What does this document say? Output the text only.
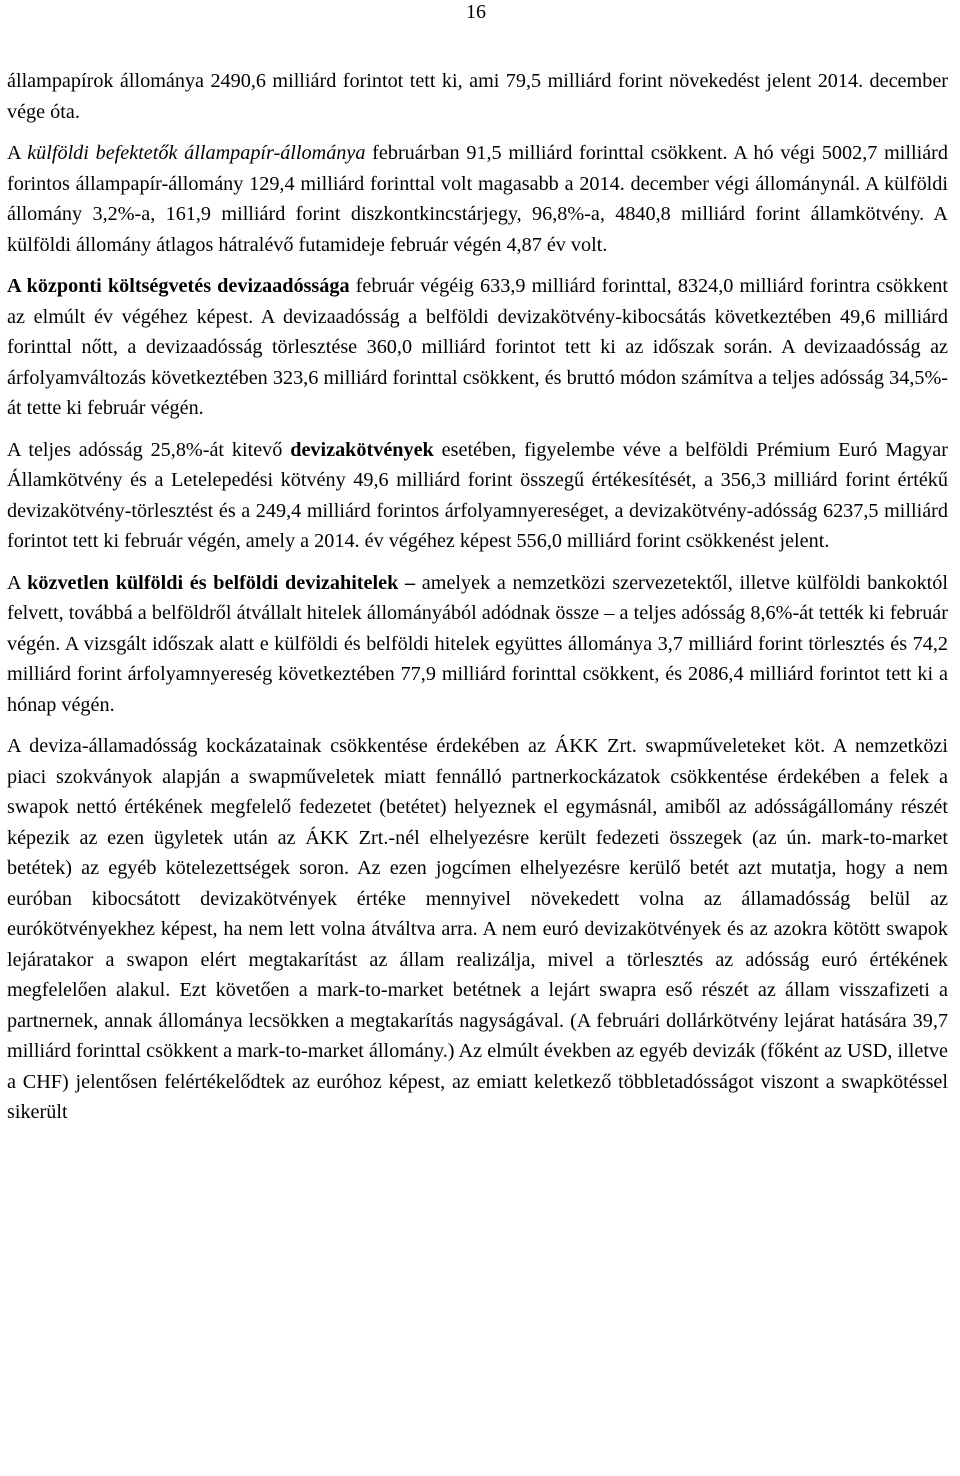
16

állampapírok állománya 2490,6 milliárd forintot tett ki, ami 79,5 milliárd forint növekedést jelent 2014. december vége óta.

A külföldi befektetők állampapír-állománya februárban 91,5 milliárd forinttal csökkent. A hó végi 5002,7 milliárd forintos állampapír-állomány 129,4 milliárd forinttal volt magasabb a 2014. december végi állománynál. A külföldi állomány 3,2%-a, 161,9 milliárd forint diszkontkincstárjegy, 96,8%-a, 4840,8 milliárd forint államkötvény. A külföldi állomány átlagos hátralévő futamideje február végén 4,87 év volt.

A központi költségvetés devizaadóssága február végéig 633,9 milliárd forinttal, 8324,0 milliárd forintra csökkent az elmúlt év végéhez képest. A devizaadósság a belföldi devizakötvény-kibocsátás következtében 49,6 milliárd forinttal nőtt, a devizaadósság törlesztése 360,0 milliárd forintot tett ki az időszak során. A devizaadósság az árfolyamváltozás következtében 323,6 milliárd forinttal csökkent, és bruttó módon számítva a teljes adósság 34,5%-át tette ki február végén.

A teljes adósság 25,8%-át kitevő devizakötvények esetében, figyelembe véve a belföldi Prémium Euró Magyar Államkötvény és a Letelepedési kötvény 49,6 milliárd forint összegű értékesítését, a 356,3 milliárd forint értékű devizakötvény-törlesztést és a 249,4 milliárd forintos árfolyamnyereséget, a devizakötvény-adósság 6237,5 milliárd forintot tett ki február végén, amely a 2014. év végéhez képest 556,0 milliárd forint csökkenést jelent.

A közvetlen külföldi és belföldi devizahitelek – amelyek a nemzetközi szervezetektől, illetve külföldi bankoktól felvett, továbbá a belföldről átvállalt hitelek állományából adódnak össze – a teljes adósság 8,6%-át tették ki február végén. A vizsgált időszak alatt e külföldi és belföldi hitelek együttes állománya 3,7 milliárd forint törlesztés és 74,2 milliárd forint árfolyamnyereség következtében 77,9 milliárd forinttal csökkent, és 2086,4 milliárd forintot tett ki a hónap végén.

A deviza-államadósság kockázatainak csökkentése érdekében az ÁKK Zrt. swapműveleteket köt. A nemzetközi piaci szokványok alapján a swapműveletek miatt fennálló partnerkockázatok csökkentése érdekében a felek a swapok nettó értékének megfelelő fedezetet (betétet) helyeznek el egymásnál, amiből az adósságállomány részét képezik az ezen ügyletek után az ÁKK Zrt.-nél elhelyezésre került fedezeti összegek (az ún. mark-to-market betétek) az egyéb kötelezettségek soron. Az ezen jogcímen elhelyezésre kerülő betét azt mutatja, hogy a nem euróban kibocsátott devizakötvények értéke mennyivel növekedett volna az államadósság belül az eurókötvényekhez képest, ha nem lett volna átváltva arra. A nem euró devizakötvények és az azokra kötött swapok lejáratakor a swapon elért megtakarítást az állam realizálja, mivel a törlesztés az adósság euró értékének megfelelően alakul. Ezt követően a mark-to-market betétnek a lejárt swapra eső részét az állam visszafizeti a partnernek, annak állománya lecsökken a megtakarítás nagyságával. (A februári dollárkötvény lejárat hatására 39,7 milliárd forinttal csökkent a mark-to-market állomány.) Az elmúlt években az egyéb devizák (főként az USD, illetve a CHF) jelentősen felértékelődtek az euróhoz képest, az emiatt keletkező többletadósságot viszont a swapkötéssel sikerült
